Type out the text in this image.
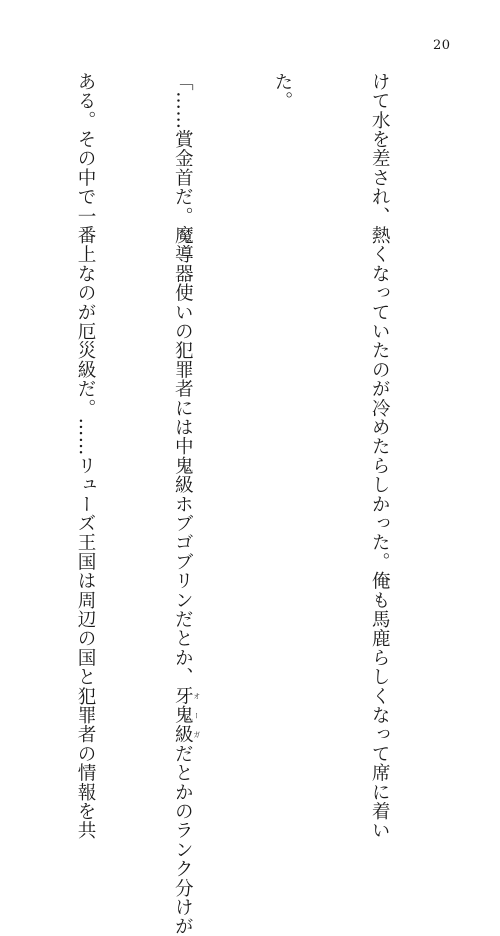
20

けて水を差され、熱くなっていたのが冷めたらしかった。俺も馬鹿らしくなって席に着い

た。

「……賞金首だ。魔導器使いの犯罪者には中鬼級ホブゴブリンだとか、牙鬼級 オーガだとかのランク分けが

ある。その中で一番上なのが厄災級だ。……リューズ王国は周辺の国と犯罪者の情報を共
